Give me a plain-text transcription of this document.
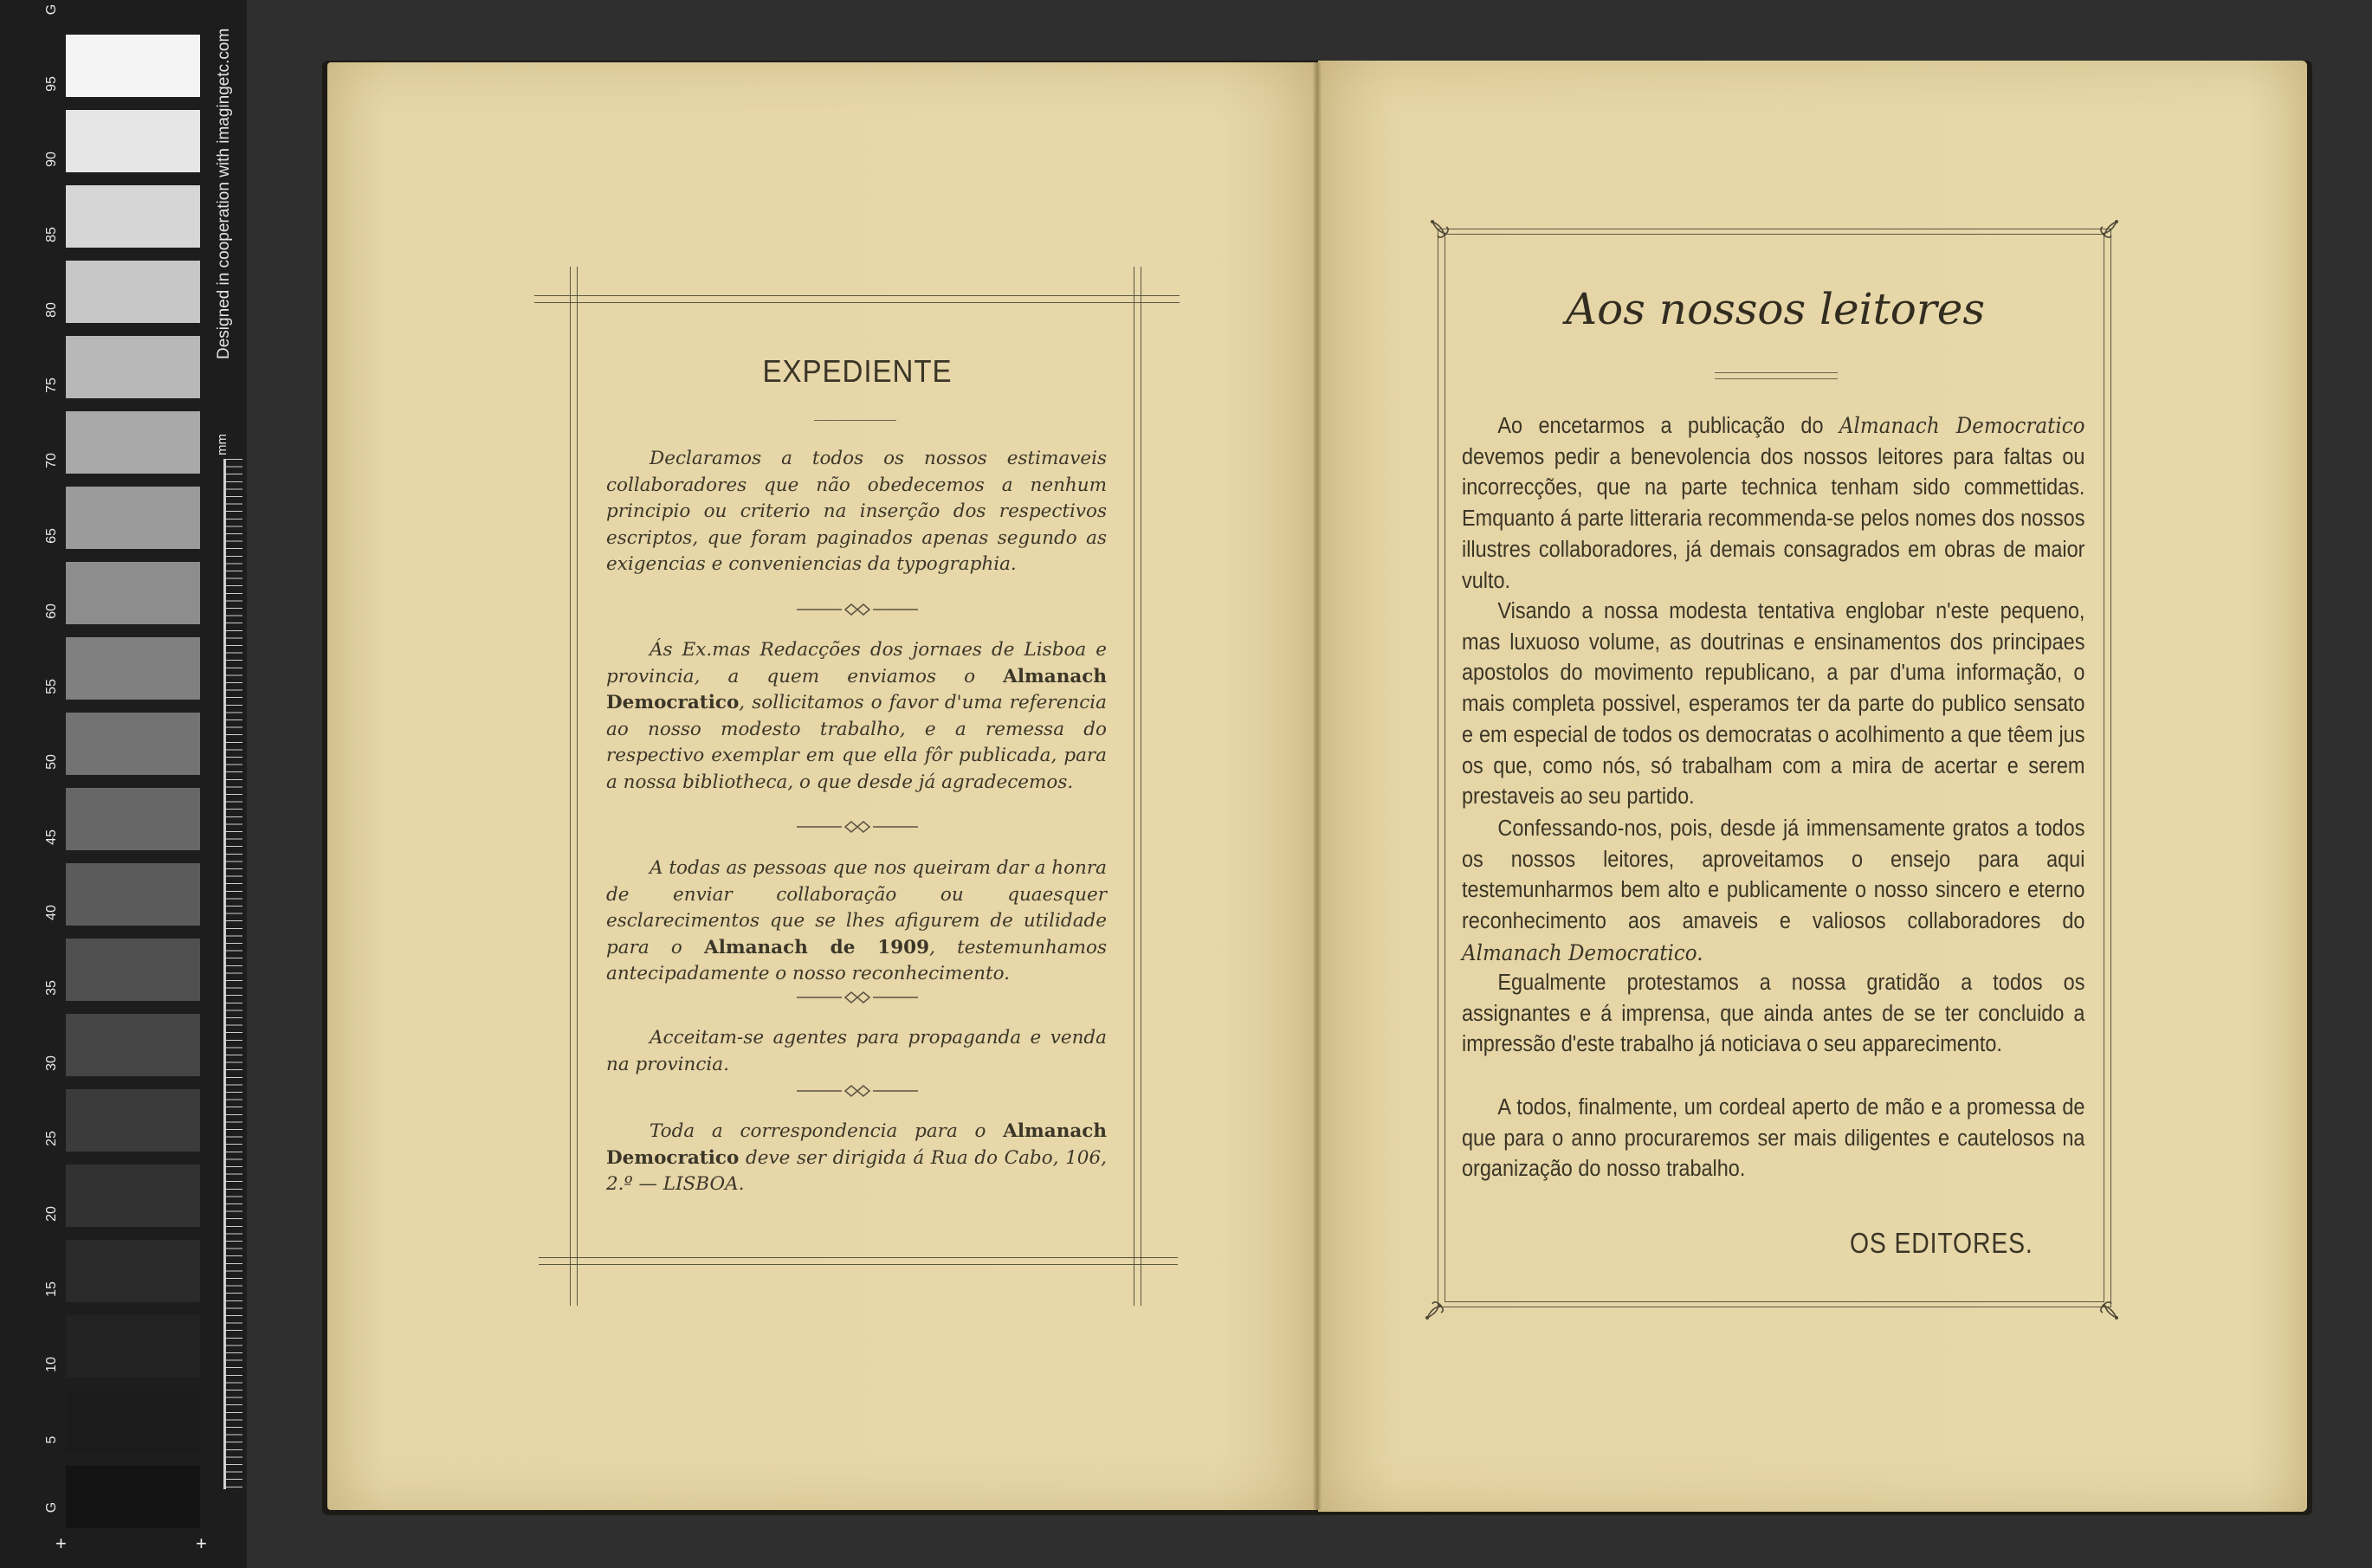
G
95
90
85
80
75
70
65
60
55
50
45
40
35
30
25
20
15
10
5
G
Designed in cooperation with imagingetc.com
mm
+	+
EXPEDIENTE

Declaramos a todos os nossos estimaveis collaboradores que não obedecemos a nenhum principio ou criterio na inserção dos respectivos escriptos, que foram paginados apenas segundo as exigencias e conveniencias da typographia.

Ás Ex.mas Redacções dos jornaes de Lisboa e provincia, a quem enviamos o Almanach Democratico, sollicitamos o favor d'uma referencia ao nosso modesto trabalho, e a remessa do respectivo exemplar em que ella fôr publicada, para a nossa bibliotheca, o que desde já agradecemos.

A todas as pessoas que nos queiram dar a honra de enviar collaboração ou quaesquer esclarecimentos que se lhes afigurem de utilidade para o Almanach de 1909, testemunhamos antecipadamente o nosso reconhecimento.

Acceitam-se agentes para propaganda e venda na provincia.

Toda a correspondencia para o Almanach Democratico deve ser dirigida á Rua do Cabo, 106, 2.º — LISBOA.

Aos nossos leitores

Ao encetarmos a publicação do Almanach Democratico devemos pedir a benevolencia dos nossos leitores para faltas ou incorrecções, que na parte technica tenham sido commettidas. Emquanto á parte litteraria recommenda-se pelos nomes dos nossos illustres collaboradores, já demais consagrados em obras de maior vulto.

Visando a nossa modesta tentativa englobar n'este pequeno, mas luxuoso volume, as doutrinas e ensinamentos dos principaes apostolos do movimento republicano, a par d'uma informação, o mais completa possivel, esperamos ter da parte do publico sensato e em especial de todos os democratas o acolhimento a que têem jus os que, como nós, só trabalham com a mira de acertar e serem prestaveis ao seu partido.

Confessando-nos, pois, desde já immensamente gratos a todos os nossos leitores, aproveitamos o ensejo para aqui testemunharmos bem alto e publicamente o nosso sincero e eterno reconhecimento aos amaveis e valiosos collaboradores do Almanach Democratico.

Egualmente protestamos a nossa gratidão a todos os assignantes e á imprensa, que ainda antes de se ter concluido a impressão d'este trabalho já noticiava o seu apparecimento.

A todos, finalmente, um cordeal aperto de mão e a promessa de que para o anno procuraremos ser mais diligentes e cautelosos na organização do nosso trabalho.

OS EDITORES.
